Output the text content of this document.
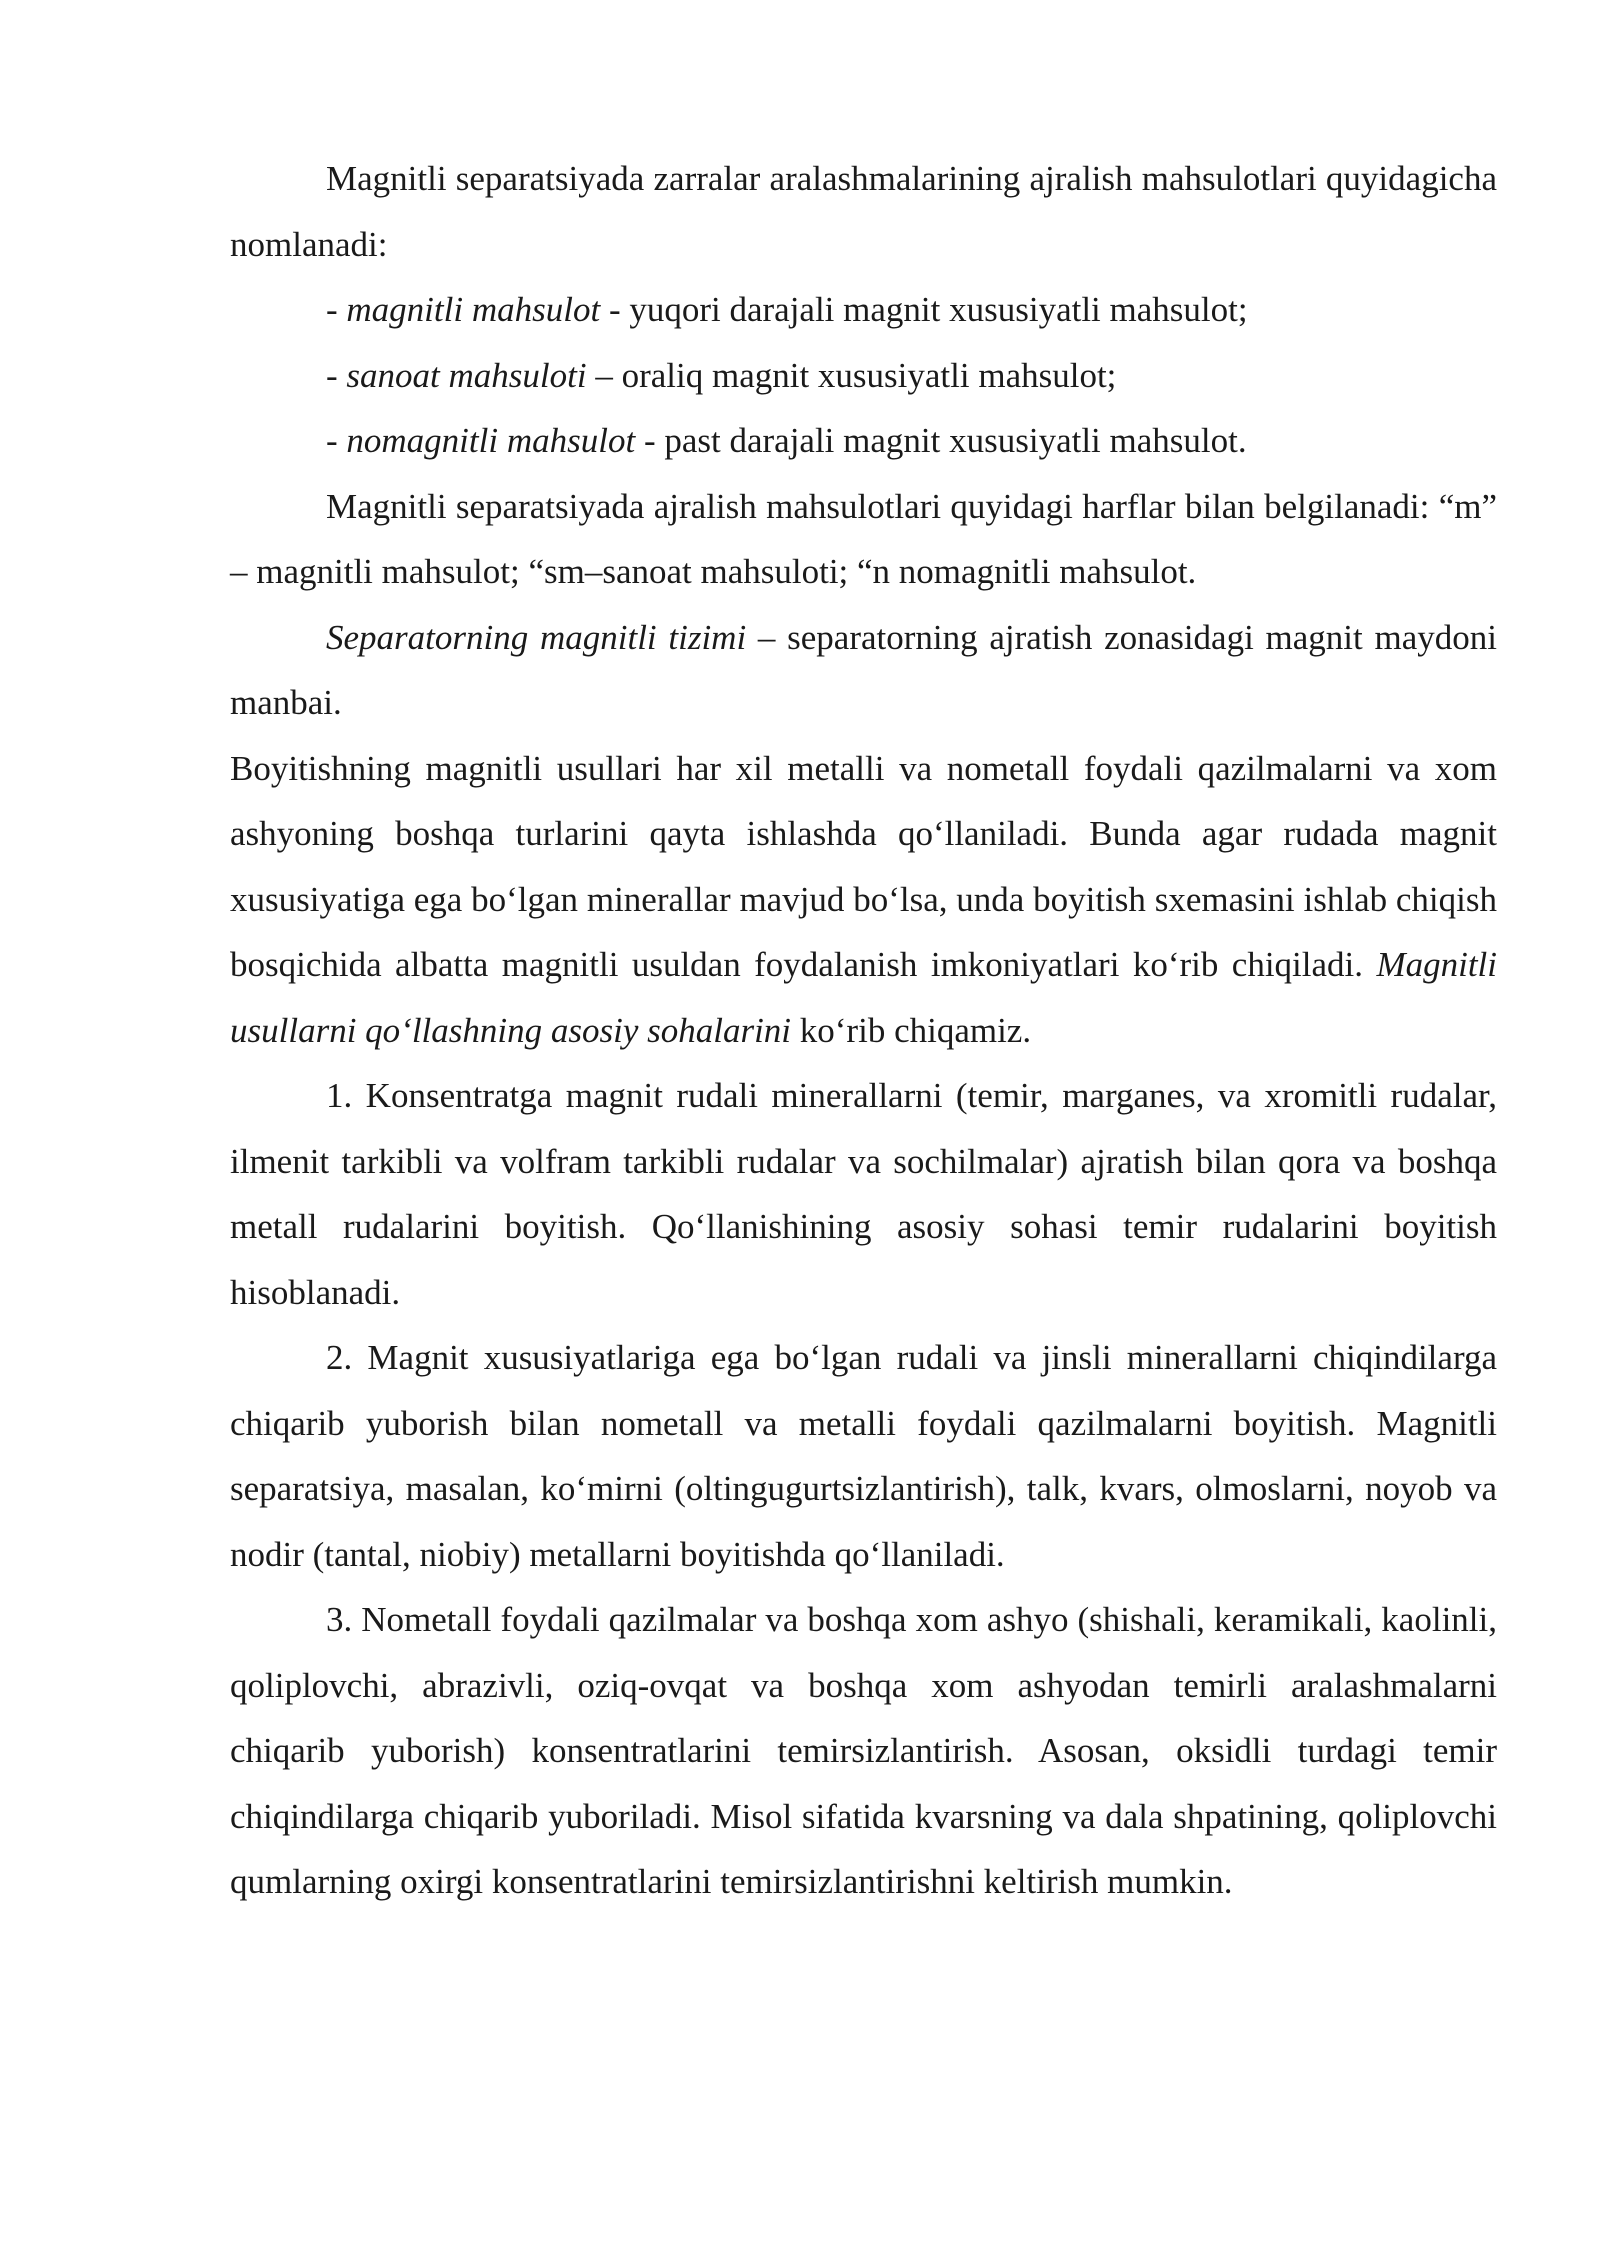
Magnitli separatsiyada zarralar aralashmalarining ajralish mahsulotlari quyidagicha nomlanadi:

- magnitli mahsulot - yuqori darajali magnit xususiyatli mahsulot;

- sanoat mahsuloti – oraliq magnit xususiyatli mahsulot;

- nomagnitli mahsulot - past darajali magnit xususiyatli mahsulot.

Magnitli separatsiyada ajralish mahsulotlari quyidagi harflar bilan belgilanadi: “m” – magnitli mahsulot; “sm–sanoat mahsuloti; “n nomagnitli mahsulot.

Separatorning magnitli tizimi – separatorning ajratish zonasidagi magnit maydoni manbai.

Boyitishning magnitli usullari har xil metalli va nometall foydali qazilmalarni va xom ashyoning boshqa turlarini qayta ishlashda qo‘llaniladi. Bunda agar rudada magnit xususiyatiga ega bo‘lgan minerallar mavjud bo‘lsa, unda boyitish sxemasini ishlab chiqish bosqichida albatta magnitli usuldan foydalanish imkoniyatlari ko‘rib chiqiladi. Magnitli usullarni qo‘llashning asosiy sohalarini ko‘rib chiqamiz.

1. Konsentratga magnit rudali minerallarni (temir, marganes, va xromitli rudalar, ilmenit tarkibli va volfram tarkibli rudalar va sochilmalar) ajratish bilan qora va boshqa metall rudalarini boyitish. Qo‘llanishining asosiy sohasi temir rudalarini boyitish hisoblanadi.

2. Magnit xususiyatlariga ega bo‘lgan rudali va jinsli minerallarni chiqindilarga chiqarib yuborish bilan nometall va metalli foydali qazilmalarni boyitish. Magnitli separatsiya, masalan, ko‘mirni (oltingugurtsizlantirish), talk, kvars, olmoslarni, noyob va nodir (tantal, niobiy) metallarni boyitishda qo‘llaniladi.

3. Nometall foydali qazilmalar va boshqa xom ashyo (shishali, keramikali, kaolinli, qoliplovchi, abrazivli, oziq-ovqat va boshqa xom ashyodan temirli aralashmalarni chiqarib yuborish) konsentratlarini temirsizlantirish. Asosan, oksidli turdagi temir chiqindilarga chiqarib yuboriladi. Misol sifatida kvarsning va dala shpatining, qoliplovchi qumlarning oxirgi konsentratlarini temirsizlantirishni keltirish mumkin.
